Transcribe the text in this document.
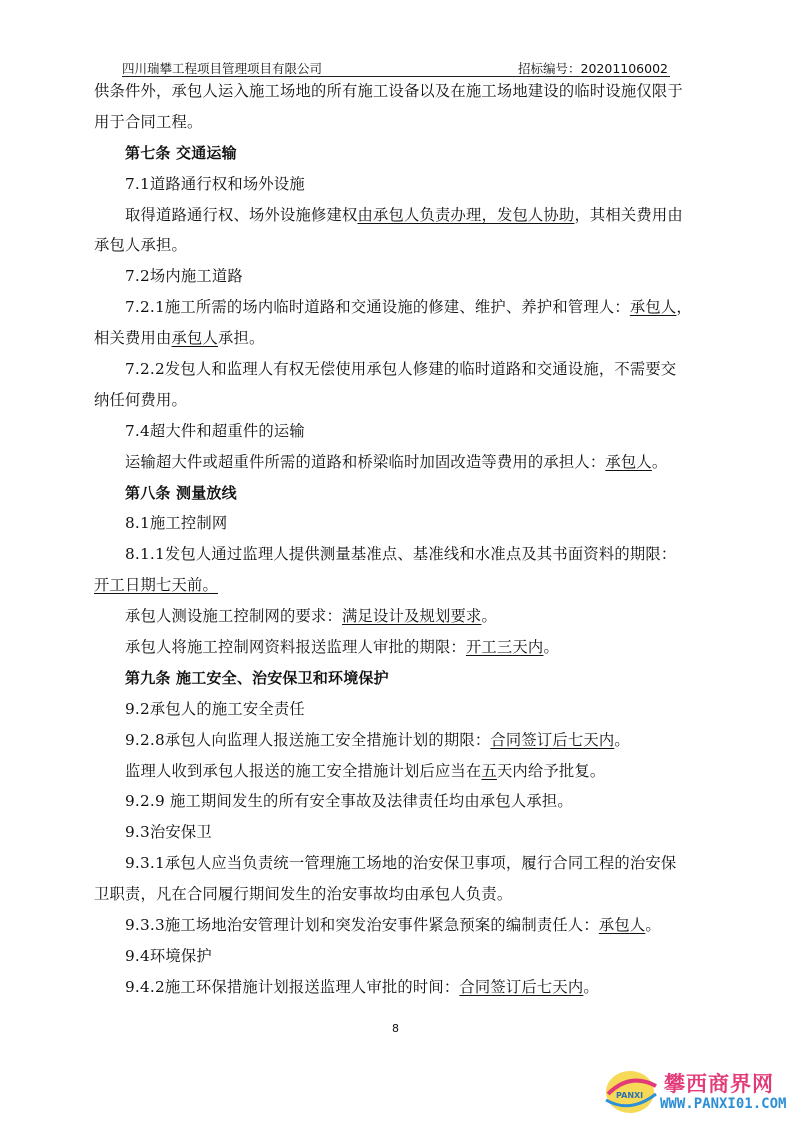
四川瑞攀工程项目管理项目有限公司	招标编号：20201106002
供条件外，承包人运入施工场地的所有施工设备以及在施工场地建设的临时设施仅限于
用于合同工程。
第七条 交通运输
7.1道路通行权和场外设施
取得道路通行权、场外设施修建权由承包人负责办理，发包人协助，其相关费用由
承包人承担。
7.2场内施工道路
7.2.1施工所需的场内临时道路和交通设施的修建、维护、养护和管理人：承包人，
相关费用由承包人承担。
7.2.2发包人和监理人有权无偿使用承包人修建的临时道路和交通设施，不需要交
纳任何费用。
7.4超大件和超重件的运输
运输超大件或超重件所需的道路和桥梁临时加固改造等费用的承担人：承包人。
第八条 测量放线
8.1施工控制网
8.1.1发包人通过监理人提供测量基准点、基准线和水准点及其书面资料的期限：
开工日期七天前。
承包人测设施工控制网的要求：满足设计及规划要求。
承包人将施工控制网资料报送监理人审批的期限：开工三天内。
第九条 施工安全、治安保卫和环境保护
9.2承包人的施工安全责任
9.2.8承包人向监理人报送施工安全措施计划的期限：合同签订后七天内。
监理人收到承包人报送的施工安全措施计划后应当在五天内给予批复。
9.2.9 施工期间发生的所有安全事故及法律责任均由承包人承担。
9.3治安保卫
9.3.1承包人应当负责统一管理施工场地的治安保卫事项，履行合同工程的治安保
卫职责，凡在合同履行期间发生的治安事故均由承包人负责。
9.3.3施工场地治安管理计划和突发治安事件紧急预案的编制责任人：承包人。
9.4环境保护
9.4.2施工环保措施计划报送监理人审批的时间：合同签订后七天内。
8
PANXI 攀西商界网
WWW.PANXI01.COM
